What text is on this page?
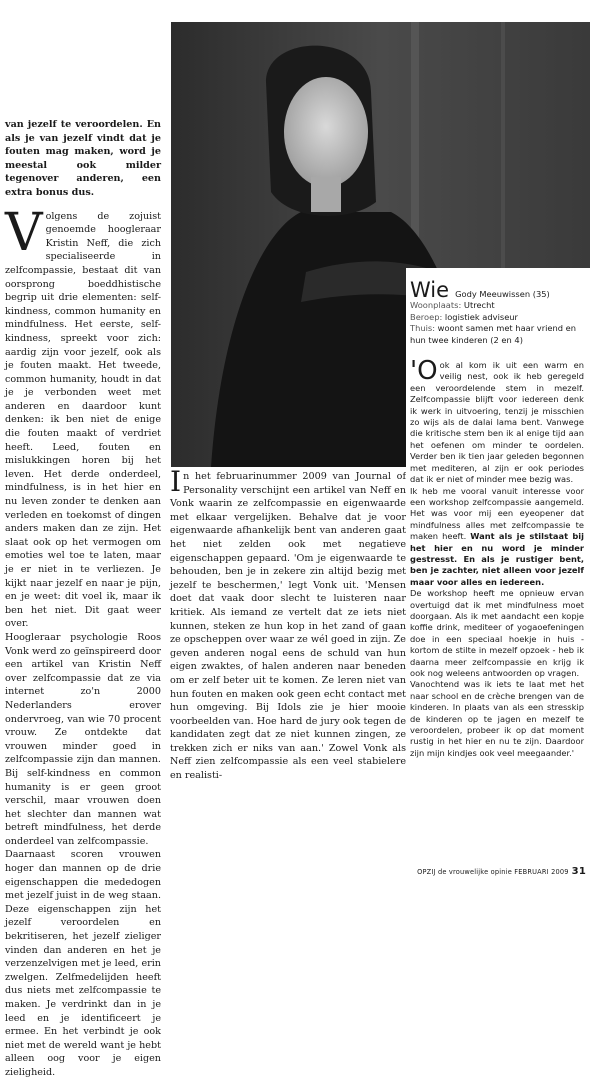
van jezelf te veroordelen. En als je van jezelf vindt dat je fouten mag maken, word je meestal ook milder tegenover anderen, een extra bonus dus.

Volgens de zojuist genoemde hoogleraar Kristin Neff, die zich specialiseerde in zelfcompassie, bestaat dit van oorsprong boeddhistische begrip uit drie elementen: self-kindness, common humanity en mindfulness. Het eerste, self-kindness, spreekt voor zich: aardig zijn voor jezelf, ook als je fouten maakt. Het tweede, common humanity, houdt in dat je je verbonden weet met anderen en daardoor kunt denken: ik ben niet de enige die fouten maakt of verdriet heeft. Leed, fouten en mislukkingen horen bij het leven. Het derde onderdeel, mindfulness, is in het hier en nu leven zonder te denken aan verleden en toekomst of dingen anders maken dan ze zijn. Het slaat ook op het vermogen om emoties wel toe te laten, maar je er niet in te verliezen. Je kijkt naar jezelf en naar je pijn, en je weet: dit voel ik, maar ik ben het niet. Dit gaat weer over.

Hoogleraar psychologie Roos Vonk werd zo geïnspireerd door een artikel van Kristin Neff over zelfcompassie dat ze via internet zo'n 2000 Nederlanders erover ondervroeg, van wie 70 procent vrouw. Ze ontdekte dat vrouwen minder goed in zelfcompassie zijn dan mannen. Bij self-kindness en common humanity is er geen groot verschil, maar vrouwen doen het slechter dan mannen wat betreft mindfulness, het derde onderdeel van zelfcompassie.

Daarnaast scoren vrouwen hoger dan mannen op de drie eigenschappen die mededogen met jezelf juist in de weg staan. Deze eigenschappen zijn het jezelf veroordelen en bekritiseren, het jezelf zieliger vinden dan anderen en het je verzenzelvigen met je leed, erin zwelgen. Zelfmedelijden heeft dus niets met zelfcompassie te maken. Je verdrinkt dan in je leed en je identificeert je ermee. En het verbindt je ook niet met de wereld want je hebt alleen oog voor je eigen zieligheid.

In het februarinummer 2009 van Journal of Personality verschijnt een artikel van Neff en Vonk waarin ze zelfcompassie en eigenwaarde met elkaar vergelijken. Behalve dat je voor eigenwaarde afhankelijk bent van anderen gaat het niet zelden ook met negatieve eigenschappen gepaard. 'Om je eigenwaarde te behouden, ben je in zekere zin altijd bezig met jezelf te beschermen,' legt Vonk uit. 'Mensen doet dat vaak door slecht te luisteren naar kritiek. Als iemand ze vertelt dat ze iets niet kunnen, steken ze hun kop in het zand of gaan ze opscheppen over waar ze wél goed in zijn. Ze geven anderen nogal eens de schuld van hun eigen zwaktes, of halen anderen naar beneden om er zelf beter uit te komen. Ze leren niet van hun fouten en maken ook geen echt contact met hun omgeving. Bij Idols zie je hier mooie voorbeelden van. Hoe hard de jury ook tegen de kandidaten zegt dat ze niet kunnen zingen, ze trekken zich er niks van aan.' Zowel Vonk als Neff zien zelfcompassie als een veel stabielere en realisti-

Wie Gody Meeuwissen (35)

Woonplaats: Utrecht

Beroep: logistiek adviseur

Thuis: woont samen met haar vriend en hun twee kinderen (2 en 4)

'Ook al kom ik uit een warm en veilig nest, ook ik heb geregeld een veroordelende stem in mezelf. Zelfcompassie blijft voor iedereen denk ik werk in uitvoering, tenzij je misschien zo wijs als de dalai lama bent. Vanwege die kritische stem ben ik al enige tijd aan het oefenen om minder te oordelen. Verder ben ik tien jaar geleden begonnen met mediteren, al zijn er ook periodes dat ik er niet of minder mee bezig was.

Ik heb me vooral vanuit interesse voor een workshop zelfcompassie aangemeld. Het was voor mij een eyeopener dat mindfulness alles met zelfcompassie te maken heeft. Want als je stilstaat bij het hier en nu word je minder gestresst. En als je rustiger bent, ben je zachter, niet alleen voor jezelf maar voor alles en iedereen.

De workshop heeft me opnieuw ervan overtuigd dat ik met mindfulness moet doorgaan. Als ik met aandacht een kopje koffie drink, mediteer of yogaoefeningen doe in een speciaal hoekje in huis - kortom de stilte in mezelf opzoek - heb ik daarna meer zelfcompassie en krijg ik ook nog weleens antwoorden op vragen.

Vanochtend was ik iets te laat met het naar school en de crèche brengen van de kinderen. In plaats van als een stresskip de kinderen op te jagen en mezelf te veroordelen, probeer ik op dat moment rustig in het hier en nu te zijn. Daardoor zijn mijn kindjes ook veel meegaander.'

OPZIJ de vrouwelijke opinie FEBRUARI 2009 31
